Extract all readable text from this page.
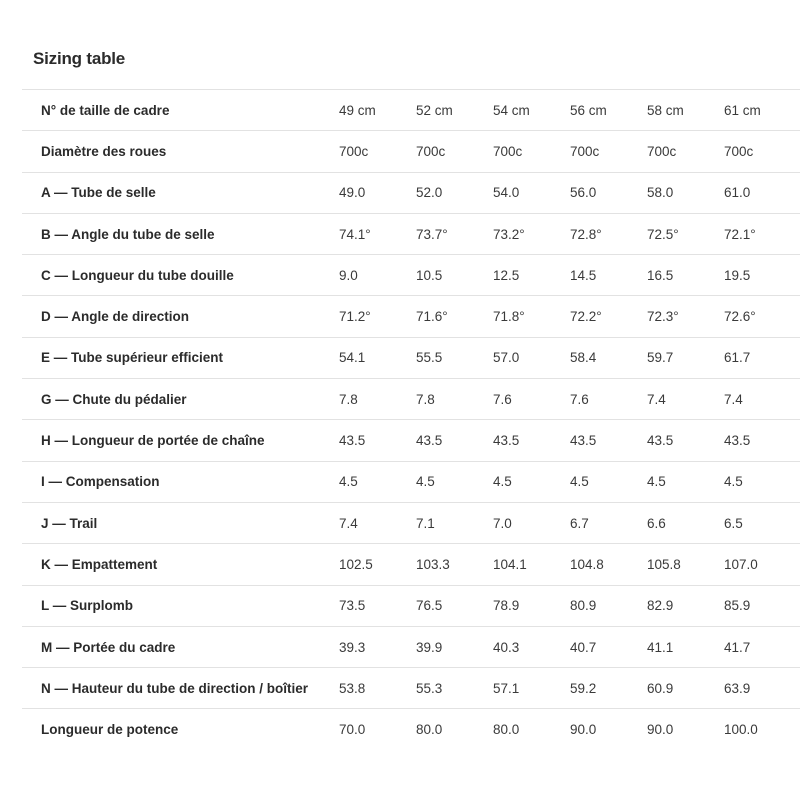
Sizing table
N° de taille de cadre	49 cm	52 cm	54 cm	56 cm	58 cm	61 cm
Diamètre des roues	700c	700c	700c	700c	700c	700c
A — Tube de selle	49.0	52.0	54.0	56.0	58.0	61.0
B — Angle du tube de selle	74.1°	73.7°	73.2°	72.8°	72.5°	72.1°
C — Longueur du tube douille	9.0	10.5	12.5	14.5	16.5	19.5
D — Angle de direction	71.2°	71.6°	71.8°	72.2°	72.3°	72.6°
E — Tube supérieur efficient	54.1	55.5	57.0	58.4	59.7	61.7
G — Chute du pédalier	7.8	7.8	7.6	7.6	7.4	7.4
H — Longueur de portée de chaîne	43.5	43.5	43.5	43.5	43.5	43.5
I — Compensation	4.5	4.5	4.5	4.5	4.5	4.5
J — Trail	7.4	7.1	7.0	6.7	6.6	6.5
K — Empattement	102.5	103.3	104.1	104.8	105.8	107.0
L — Surplomb	73.5	76.5	78.9	80.9	82.9	85.9
M — Portée du cadre	39.3	39.9	40.3	40.7	41.1	41.7
N — Hauteur du tube de direction / boîtier	53.8	55.3	57.1	59.2	60.9	63.9
Longueur de potence	70.0	80.0	80.0	90.0	90.0	100.0
